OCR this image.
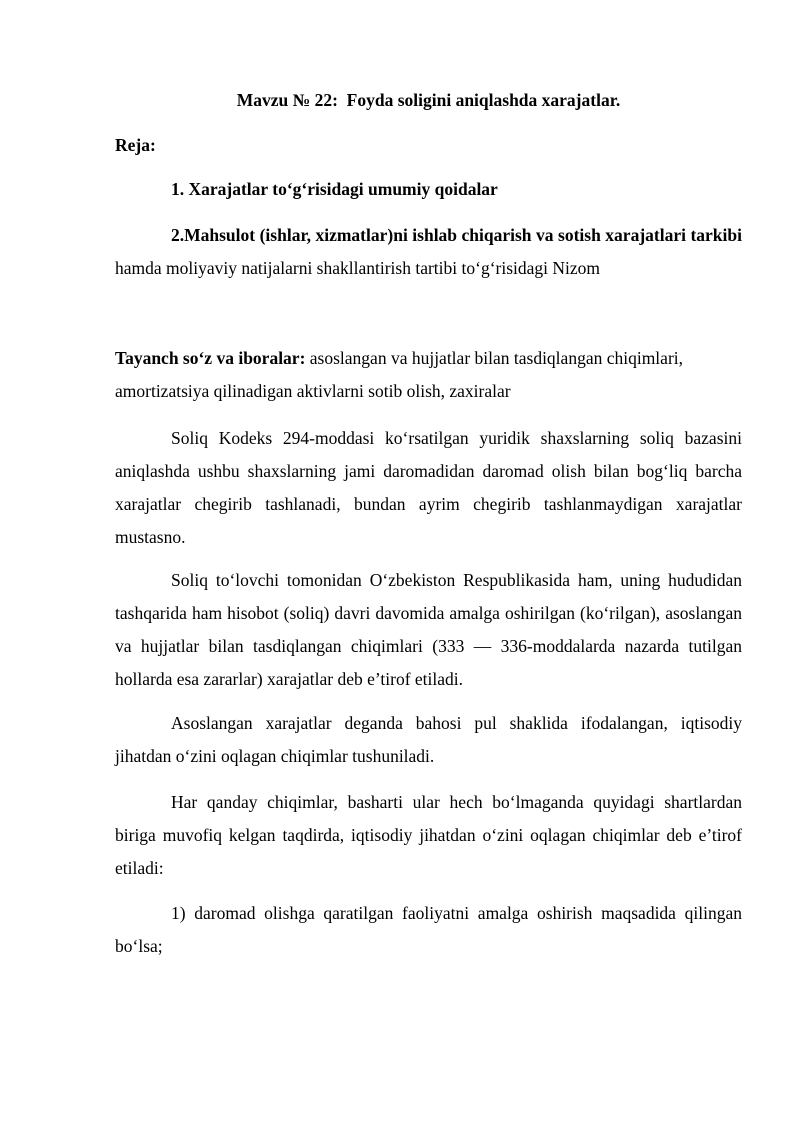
Mavzu № 22:  Foyda soligini aniqlashda xarajatlar.
Reja:
1. Xarajatlar to‘g‘risidagi umumiy qoidalar
2.Mahsulot (ishlar, xizmatlar)ni ishlab chiqarish va sotish xarajatlari tarkibi hamda moliyaviy natijalarni shakllantirish tartibi to‘g‘risidagi Nizom
Tayanch so‘z va iboralar: asoslangan va hujjatlar bilan tasdiqlangan chiqimlari, amortizatsiya qilinadigan aktivlarni sotib olish, zaxiralar
Soliq Kodeks 294-moddasi ko‘rsatilgan yuridik shaxslarning soliq bazasini aniqlashda ushbu shaxslarning jami daromadidan daromad olish bilan bog‘liq barcha xarajatlar chegirib tashlanadi, bundan ayrim chegirib tashlanmaydigan xarajatlar mustasno.
Soliq to‘lovchi tomonidan O‘zbekiston Respublikasida ham, uning hududidan tashqarida ham hisobot (soliq) davri davomida amalga oshirilgan (ko‘rilgan), asoslangan va hujjatlar bilan tasdiqlangan chiqimlari (333 — 336-moddalarda nazarda tutilgan hollarda esa zararlar) xarajatlar deb e’tirof etiladi.
Asoslangan xarajatlar deganda bahosi pul shaklida ifodalangan, iqtisodiy jihatdan o‘zini oqlagan chiqimlar tushuniladi.
Har qanday chiqimlar, basharti ular hech bo‘lmaganda quyidagi shartlardan biriga muvofiq kelgan taqdirda, iqtisodiy jihatdan o‘zini oqlagan chiqimlar deb e’tirof etiladi:
1) daromad olishga qaratilgan faoliyatni amalga oshirish maqsadida qilingan bo‘lsa;
